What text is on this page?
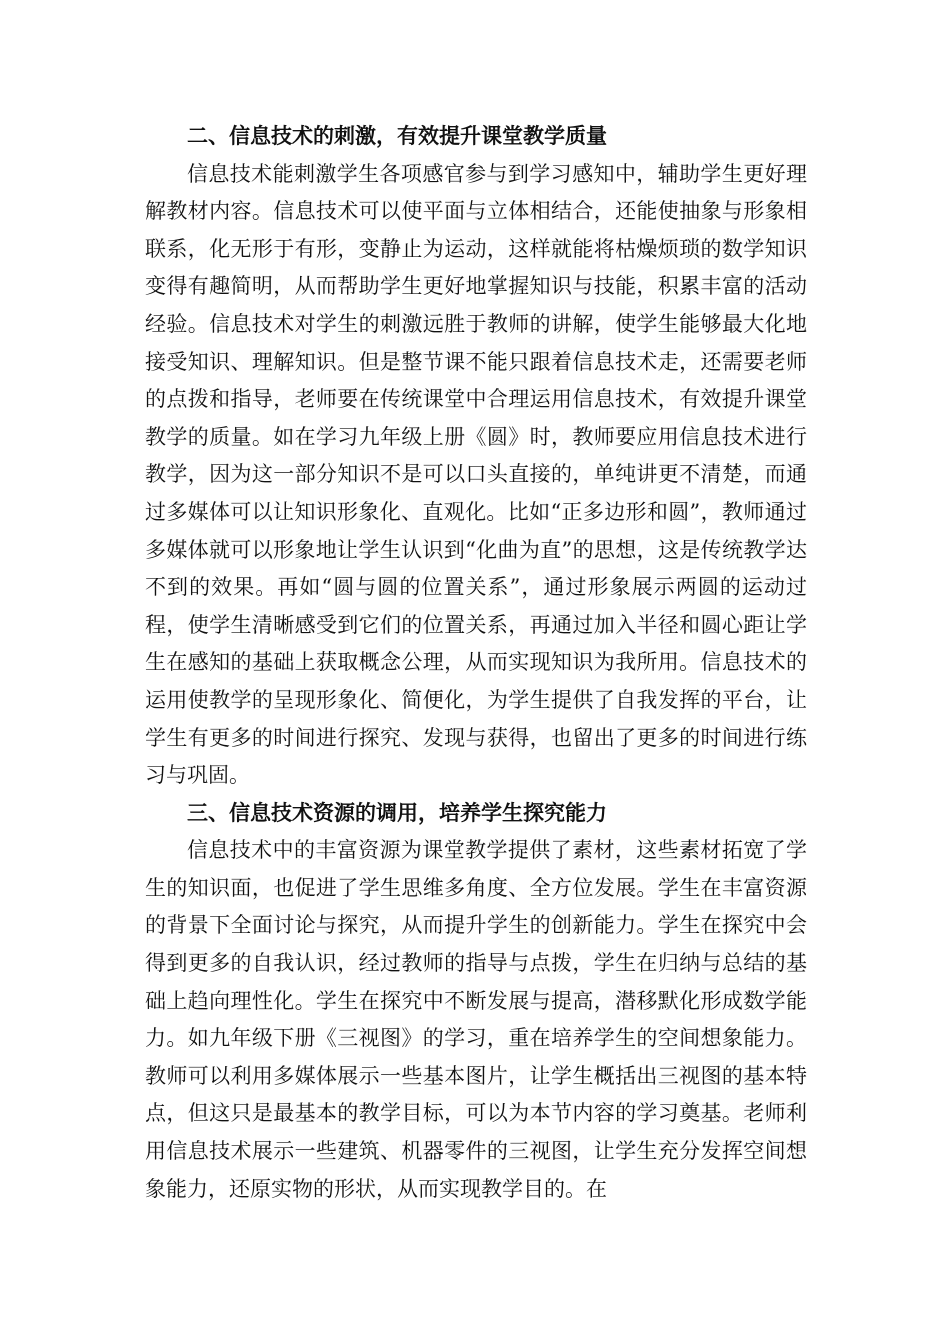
二、信息技术的刺激，有效提升课堂教学质量

信息技术能刺激学生各项感官参与到学习感知中，辅助学生更好理解教材内容。信息技术可以使平面与立体相结合，还能使抽象与形象相联系，化无形于有形，变静止为运动，这样就能将枯燥烦琐的数学知识变得有趣简明，从而帮助学生更好地掌握知识与技能，积累丰富的活动经验。信息技术对学生的刺激远胜于教师的讲解，使学生能够最大化地接受知识、理解知识。但是整节课不能只跟着信息技术走，还需要老师的点拨和指导，老师要在传统课堂中合理运用信息技术，有效提升课堂教学的质量。如在学习九年级上册《圆》时，教师要应用信息技术进行教学，因为这一部分知识不是可以口头直接的，单纯讲更不清楚，而通过多媒体可以让知识形象化、直观化。比如“正多边形和圆”，教师通过多媒体就可以形象地让学生认识到“化曲为直”的思想，这是传统教学达不到的效果。再如“圆与圆的位置关系”，通过形象展示两圆的运动过程，使学生清晰感受到它们的位置关系，再通过加入半径和圆心距让学生在感知的基础上获取概念公理，从而实现知识为我所用。信息技术的运用使教学的呈现形象化、简便化，为学生提供了自我发挥的平台，让学生有更多的时间进行探究、发现与获得，也留出了更多的时间进行练习与巩固。

三、信息技术资源的调用，培养学生探究能力

信息技术中的丰富资源为课堂教学提供了素材，这些素材拓宽了学生的知识面，也促进了学生思维多角度、全方位发展。学生在丰富资源的背景下全面讨论与探究，从而提升学生的创新能力。学生在探究中会得到更多的自我认识，经过教师的指导与点拨，学生在归纳与总结的基础上趋向理性化。学生在探究中不断发展与提高，潜移默化形成数学能力。如九年级下册《三视图》的学习，重在培养学生的空间想象能力。教师可以利用多媒体展示一些基本图片，让学生概括出三视图的基本特点，但这只是最基本的教学目标，可以为本节内容的学习奠基。老师利用信息技术展示一些建筑、机器零件的三视图，让学生充分发挥空间想象能力，还原实物的形状，从而实现教学目的。在
